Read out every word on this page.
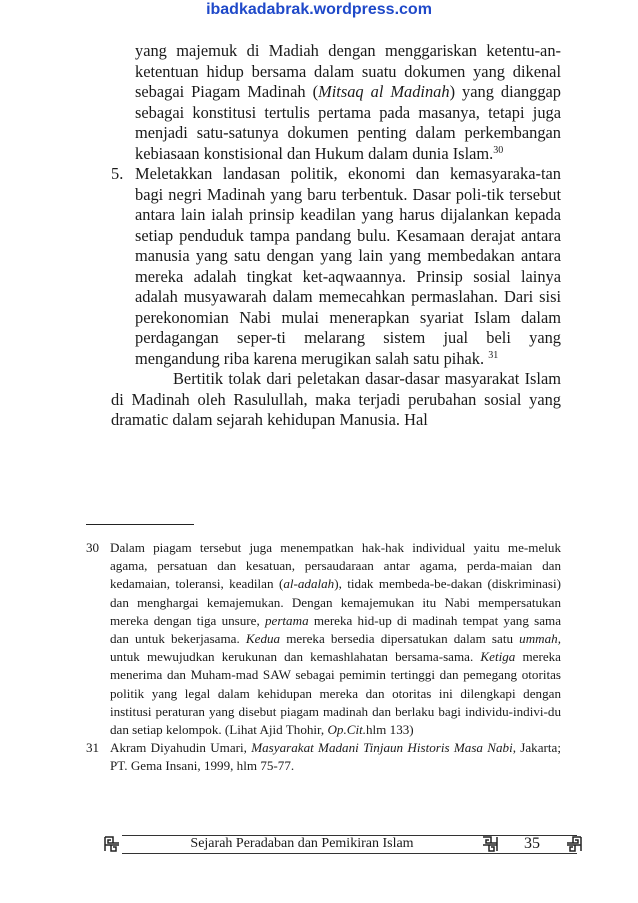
ibadkadabrak.wordpress.com

yang majemuk di Madiah dengan menggariskan ketentu-an-ketentuan hidup bersama dalam suatu dokumen yang dikenal sebagai Piagam Madinah (Mitsaq al Madinah) yang dianggap sebagai konstitusi tertulis pertama pada masanya, tetapi juga menjadi satu-satunya dokumen penting dalam perkembangan kebiasaan konstisional dan Hukum dalam dunia Islam.$^{30}$

5. Meletakkan landasan politik, ekonomi dan kemasyaraka-tan bagi negri Madinah yang baru terbentuk. Dasar poli-tik tersebut antara lain ialah prinsip keadilan yang harus dijalankan kepada setiap penduduk tampa pandang bulu. Kesamaan derajat antara manusia yang satu dengan yang lain yang membedakan antara mereka adalah tingkat ket-aqwaannya. Prinsip sosial lainya adalah musyawarah dalam memecahkan permaslahan. Dari sisi perekonomian Nabi mulai menerapkan syariat Islam dalam perdagangan seper-ti melarang sistem jual beli yang mengandung riba karena merugikan salah satu pihak. $^{31}$

Bertitik tolak dari peletakan dasar-dasar masyarakat Islam di Madinah oleh Rasulullah, maka terjadi perubahan sosial yang dramatic dalam sejarah kehidupan Manusia. Hal

30 Dalam piagam tersebut juga menempatkan hak-hak individual yaitu me-meluk agama, persatuan dan kesatuan, persaudaraan antar agama, perda-maian dan kedamaian, toleransi, keadilan (al-adalah), tidak membeda-be-dakan (diskriminasi) dan menghargai kemajemukan. Dengan kemajemukan itu Nabi mempersatukan mereka dengan tiga unsure, pertama mereka hid-up di madinah tempat yang sama dan untuk bekerjasama. Kedua mereka bersedia dipersatukan dalam satu ummah, untuk mewujudkan kerukunan dan kemashlahatan bersama-sama. Ketiga mereka menerima dan Muham-mad SAW sebagai pemimin tertinggi dan pemegang otoritas politik yang legal dalam kehidupan mereka dan otoritas ini dilengkapi dengan institusi peraturan yang disebut piagam madinah dan berlaku bagi individu-indivi-du dan setiap kelompok. (Lihat Ajid Thohir, Op.Cit.hlm 133)

31 Akram Diyahudin Umari, Masyarakat Madani Tinjaun Historis Masa Nabi, Jakarta; PT. Gema Insani, 1999, hlm 75-77.

Sejarah Peradaban dan Pemikiran Islam	35
